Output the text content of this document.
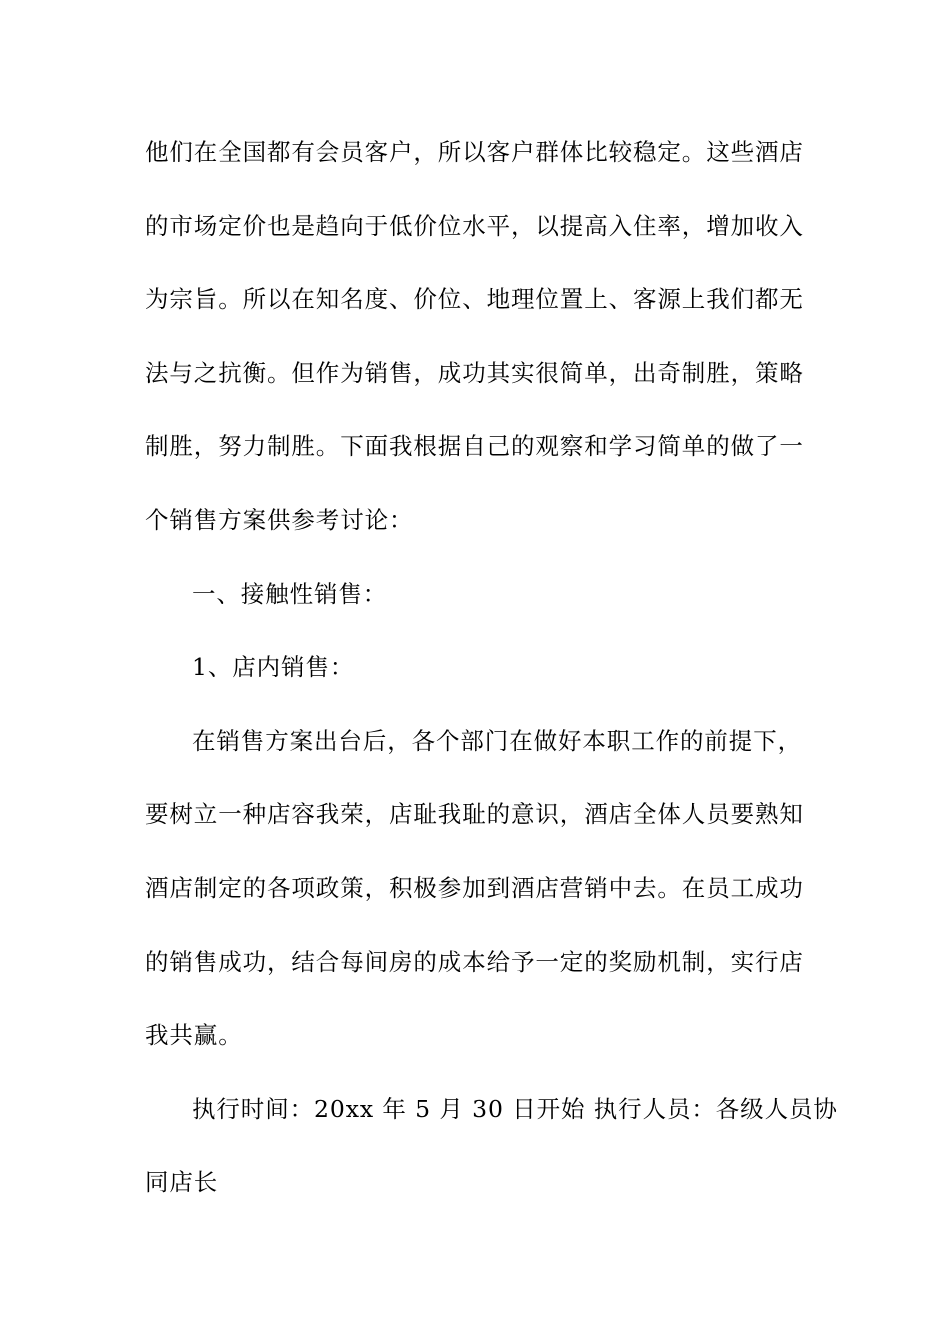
他们在全国都有会员客户，所以客户群体比较稳定。这些酒店
的市场定价也是趋向于低价位水平，以提高入住率，增加收入
为宗旨。所以在知名度、价位、地理位置上、客源上我们都无
法与之抗衡。但作为销售，成功其实很简单，出奇制胜，策略
制胜，努力制胜。下面我根据自己的观察和学习简单的做了一
个销售方案供参考讨论：
一、接触性销售：
1、店内销售：
在销售方案出台后，各个部门在做好本职工作的前提下，
要树立一种店容我荣，店耻我耻的意识，酒店全体人员要熟知
酒店制定的各项政策，积极参加到酒店营销中去。在员工成功
的销售成功，结合每间房的成本给予一定的奖励机制，实行店
我共赢。
执行时间：20xx 年 5 月 30 日开始 执行人员：各级人员协
同店长
